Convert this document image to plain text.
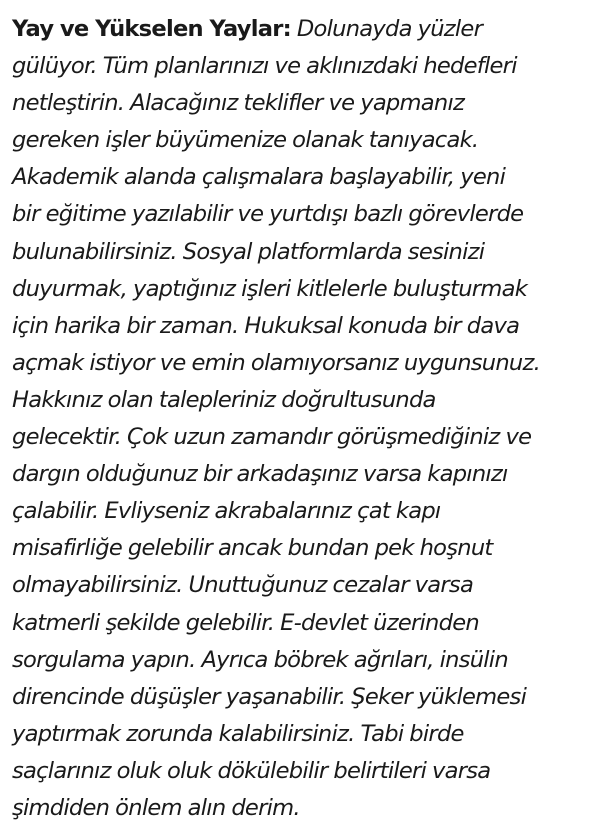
Yay ve Yükselen Yaylar: Dolunayda yüzler
gülüyor. Tüm planlarınızı ve aklınızdaki hedefleri
netleştirin. Alacağınız teklifler ve yapmanız
gereken işler büyümenize olanak tanıyacak.
Akademik alanda çalışmalara başlayabilir, yeni
bir eğitime yazılabilir ve yurtdışı bazlı görevlerde
bulunabilirsiniz. Sosyal platformlarda sesinizi
duyurmak, yaptığınız işleri kitlelerle buluşturmak
için harika bir zaman. Hukuksal konuda bir dava
açmak istiyor ve emin olamıyorsanız uygunsunuz.
Hakkınız olan talepleriniz doğrultusunda
gelecektir. Çok uzun zamandır görüşmediğiniz ve
dargın olduğunuz bir arkadaşınız varsa kapınızı
çalabilir. Evliyseniz akrabalarınız çat kapı
misafirliğe gelebilir ancak bundan pek hoşnut
olmayabilirsiniz. Unuttuğunuz cezalar varsa
katmerli şekilde gelebilir. E-devlet üzerinden
sorgulama yapın. Ayrıca böbrek ağrıları, insülin
direncinde düşüşler yaşanabilir. Şeker yüklemesi
yaptırmak zorunda kalabilirsiniz. Tabi birde
saçlarınız oluk oluk dökülebilir belirtileri varsa
şimdiden önlem alın derim.
